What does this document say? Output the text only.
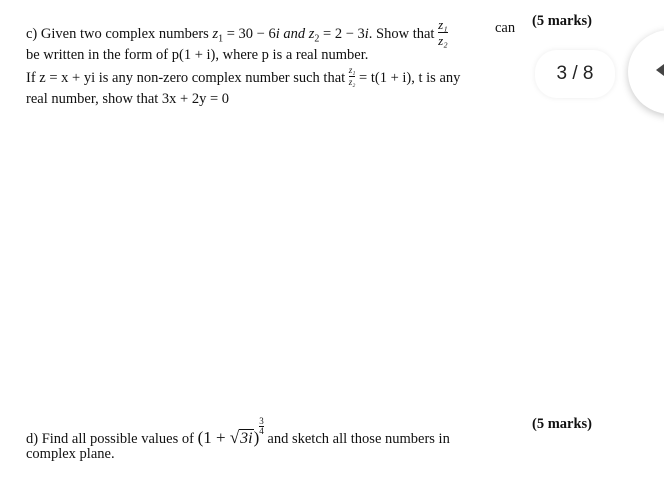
c) Given two complex numbers $z_1 = 30 - 6i$ and $z_2 = 2 - 3i$. Show that $\frac{\text{z₁}}{\text{z₂}}$	can (5 marks)
be written in the form of p(1 + i), where p is a real number.
If z = x + yi is any non-zero complex number such that $\frac{\text{z₁}}{\text{z₂}} = t(1 + i)$, t is any
real number, show that 3x + 2y = 0
3 / 8
(5 marks)
d) Find all possible values of (1 + √3i)
$\frac{3}{4}$
and sketch all those numbers in
complex plane.
